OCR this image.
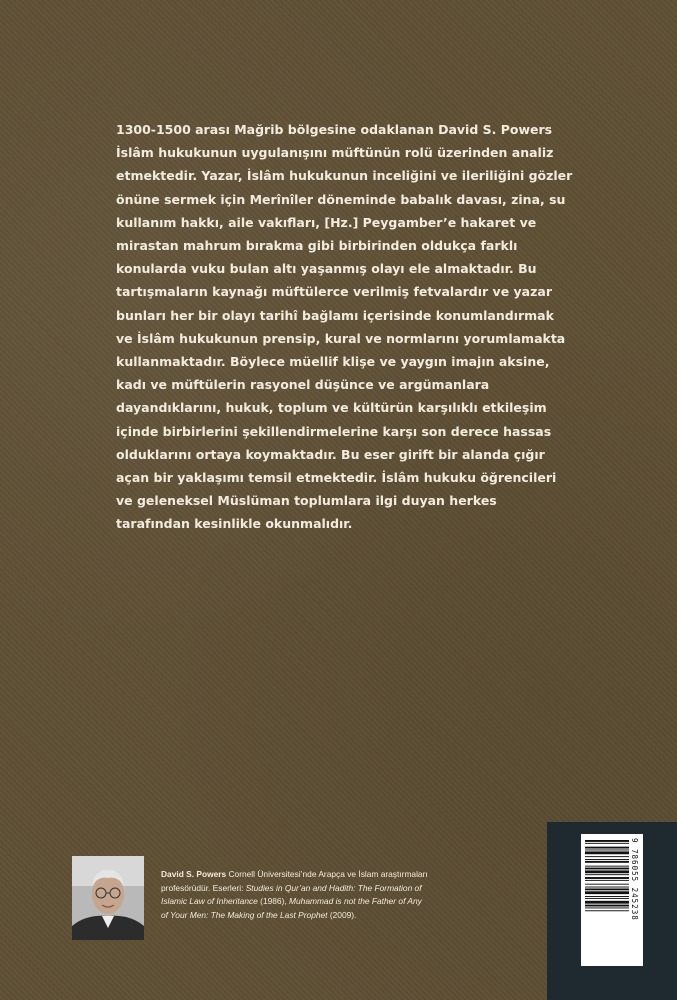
1300-1500 arası Mağrib bölgesine odaklanan David S. Powers
İslâm hukukunun uygulanışını müftünün rolü üzerinden analiz
etmektedir. Yazar, İslâm hukukunun inceliğini ve ileriliğini gözler
önüne sermek için Merînîler döneminde babalık davası, zina, su
kullanım hakkı, aile vakıfları, [Hz.] Peygamber’e hakaret ve
mirastan mahrum bırakma gibi birbirinden oldukça farklı
konularda vuku bulan altı yaşanmış olayı ele almaktadır. Bu
tartışmaların kaynağı müftülerce verilmiş fetvalardır ve yazar
bunları her bir olayı tarihî bağlamı içerisinde konumlandırmak
ve İslâm hukukunun prensip, kural ve normlarını yorumlamakta
kullanmaktadır. Böylece müellif klişe ve yaygın imajın aksine,
kadı ve müftülerin rasyonel düşünce ve argümanlara
dayandıklarını, hukuk, toplum ve kültürün karşılıklı etkileşim
içinde birbirlerini şekillendirmelerine karşı son derece hassas
olduklarını ortaya koymaktadır. Bu eser girift bir alanda çığır
açan bir yaklaşımı temsil etmektedir. İslâm hukuku öğrencileri
ve geleneksel Müslüman toplumlara ilgi duyan herkes
tarafından kesinlikle okunmalıdır.
David S. Powers Cornell Üniversitesi’nde Arapça ve İslam araştırmaları
profesörüdür. Eserleri: Studies in Qur’an and Hadith: The Formation of
Islamic Law of Inheritance (1986), Muhammad is not the Father of Any
of Your Men: The Making of the Last Prophet (2009).	9 786055 245238
